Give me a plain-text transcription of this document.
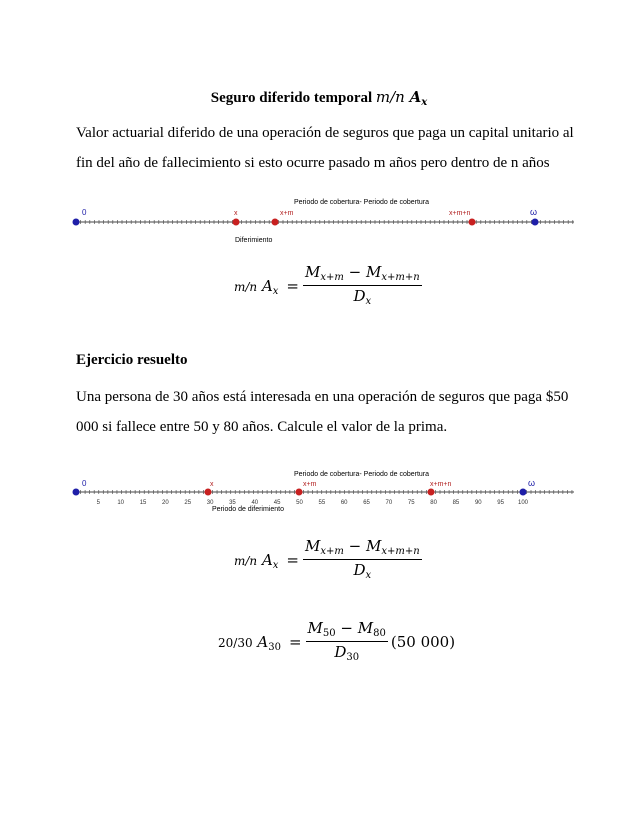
Seguro diferido temporal m/n $A_x$
Valor actuarial diferido de una operación de seguros que paga un capital unitario al
fin del año de fallecimiento si esto ocurre pasado m años pero dentro de n años
Periodo de cobertura- Periodo de cobertura
0	x	x+m	x+m+n	ω
Diferimiento
m/n $A_x = \frac{M_{x+m} - M_{x+m+n}}{D_x}$
Ejercicio resuelto
Una persona de 30 años está interesada en una operación de seguros que paga $50
000 si fallece entre 50 y 80 años. Calcule el valor de la prima.
5	10	15	20	25	30	35	40	45	50	55	60	65	70	75	80	85	90	95 100
Periodo de cobertura- Periodo de cobertura
0	x	x+m	x+m+n	ω
Periodo de diferimiento
m/n $A_x = \frac{M_{x+m} - M_{x+m+n}}{D_x}$
20/30 $A_{30} = \frac{M_{50} - M_{80}}{D_{30}} (50$ 000)
